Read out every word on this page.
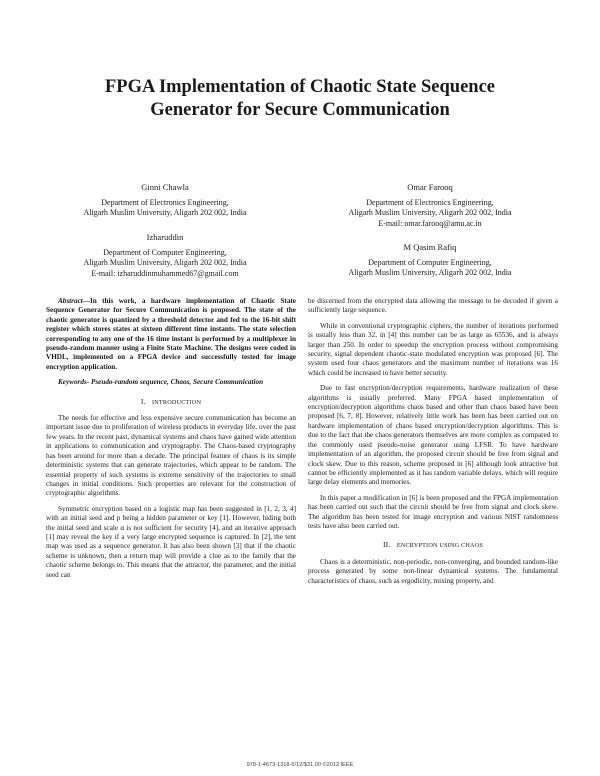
FPGA Implementation of Chaotic State Sequence
Generator for Secure Communication
Ginni Chawla
Department of Electronics Engineering,
Aligarh Muslim University, Aligarh 202 002, India
Omar Farooq
Department of Electronics Engineering,
Aligarh Muslim University, Aligarh 202 002, India
E-mail: omar.farooq@amu.ac.in
Izharuddin
Department of Computer Engineering,
Aligarh Muslim University, Aligarh 202 002, India
E-mail: izharuddinmuhammed67@gmail.com
M Qasim Rafiq
Department of Computer Engineering,
Aligarh Muslim University, Aligarh 202 002, India

Abstract—In this work, a hardware implementation of Chaotic State Sequence Generator for Secure Communication is proposed. The state of the chaotic generator is quantized by a threshold detector and fed to the 16-bit shift register which stores states at sixteen different time instants. The state selection corresponding to any one of the 16 time instant is performed by a multiplexer in pseudo-random manner using a Finite State Machine. The designs were coded in VHDL, implemented on a FPGA device and successfully tested for image encryption application.

Keywords- Pseudo-random sequence, Chaos, Secure Communication

I. INTRODUCTION

The needs for effective and less expensive secure communication has become an important issue due to proliferation of wireless products in everyday life, over the past few years. In the recent past, dynamical systems and chaos have gained wide attention in applications to communication and cryptography. The Chaos-based cryptography has been around for more than a decade. The principal feature of chaos is its simple deterministic systems that can generate trajectories, which appear to be random. The essential property of such systems is extreme sensitivity of the trajectories to small changes in initial conditions. Such properties are relevant for the construction of cryptographic algorithms.

Symmetric encryption based on a logistic map has been suggested in [1, 2, 3, 4] with an initial seed and p being a hidden parameter or key [1]. However, hiding both the initial seed and scale α is not sufficient for security [4], and an iterative approach [1] may reveal the key if a very large encrypted sequence is captured. In [2], the tent map was used as a sequence generator. It has also been shown [3] that if the chaotic scheme is unknown, then a return map will provide a clue as to the family that the chaotic scheme belongs to. This means that the attractor, the parameter, and the initial seed can

be discerned from the encrypted data allowing the message to be decoded if given a sufficiently large sequence.

While in conventional cryptographic ciphers, the number of iterations performed is usually less than 32, in [4] this number can be as large as 65536, and is always larger than 250. In order to speedup the encryption process without compromising security, signal dependent chaotic-state modulated encryption was proposed [6]. The system used four chaos generators and the maximum number of iterations was 16 which could be increased to have better security.

Due to fast encryption/decryption requirements, hardware realization of these algorithms is usually preferred. Many FPGA based implementation of encryption/decryption algorithms chaos based and other than chaos based have been proposed [6, 7, 8]. However, relatively little work has been has been carried out on hardware implementation of chaos based encryption/decryption algorithms. This is due to the fact that the chaos generators themselves are more complex as compared to the commonly used pseudo-noise generator using LFSR. To have hardware implementation of an algorithm, the proposed circuit should be free from signal and clock skew. Due to this reason, scheme proposed in [6] although look attractive but cannot be efficiently implemented as it has random variable delays, which will require large delay elements and memories.

In this paper a modification in [6] is been proposed and the FPGA implementation has been carried out such that the circuit should be free from signal and clock skew. The algorithm has been tested for image encryption and various NIST randomness tests have also been carried out.

II. ENCRYPTION USING CHAOS

Chaos is a deterministic, non-periodic, non-converging, and bounded random-like process generated by some non-linear dynamical systems. The fundamental characteristics of chaos, such as ergodicity, mixing property, and

978-1-4673-1318-6/12/$31.00 ©2012 IEEE
